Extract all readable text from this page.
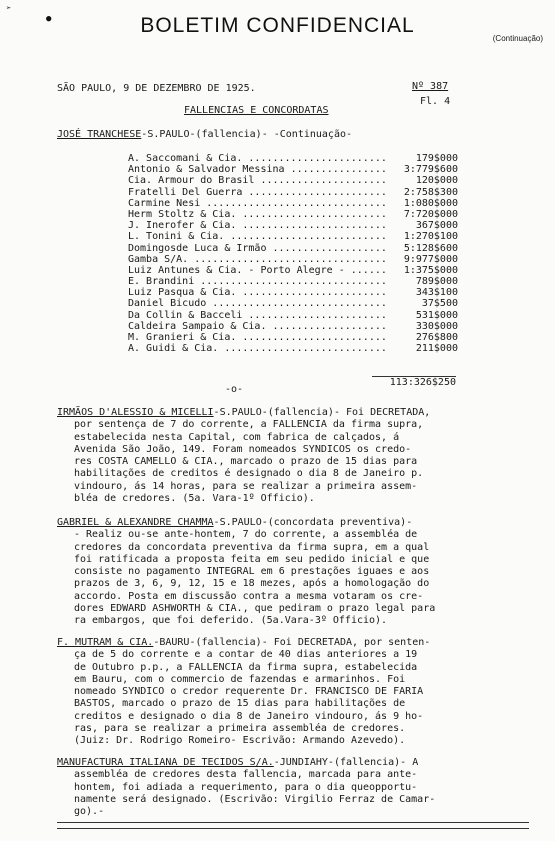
➣
●	BOLETIM CONFIDENCIAL
(Continuação)
SÃO PAULO, 9 DE DEZEMBRO DE 1925.	Nº 387
Fl. 4
FALLENCIAS E CONCORDATAS
JOSÉ TRANCHESE-S.PAULO-(fallencia)- -Continuação-
A. Saccomani & Cia. .....	179$000
Antonio & Salvador Messina .....	3:779$600
Cia. Armour do Brasil .....	120$000
Fratelli Del Guerra .....	2:758$300
Carmine Nesi .....	1:080$000
Herm Stoltz & Cia. .....	7:720$000
J. Inerofer & Cia. .....	367$000
L. Tonini & Cia. .....	1:270$100
Domingosde Luca & Irmão .....	5:128$600
Gamba S/A. .....	9:977$000
Luiz Antunes & Cia. - Porto Alegre - .....	1:375$000
E. Brandini .....	789$000
Luiz Pasqua & Cia. .....	343$100
Daniel Bicudo .....	37$500
Da Collin & Bacceli .....	531$000
Caldeira Sampaio & Cia. .....	330$000
M. Granieri & Cia. .....	276$800
A. Guidi & Cia. .....	211$000
113:326$250
-o-
IRMÃOS D'ALESSIO & MICELLI-S.PAULO-(fallencia)- Foi DECRETADA,
por sentença de 7 do corrente, a FALLENCIA da firma supra,
estabelecida nesta Capital, com fabrica de calçados, á
Avenida São João, 149. Foram nomeados SYNDICOS os credo-
res COSTA CAMELLO & CIA., marcado o prazo de 15 dias para
habilitações de creditos é designado o dia 8 de Janeiro p.
vindouro, ás 14 horas, para se realizar a primeira assem-
bléa de credores. (5a. Vara-1º Officio).
GABRIEL & ALEXANDRE CHAMMA-S.PAULO-(concordata preventiva)-
- Realiz ou-se ante-hontem, 7 do corrente, a assembléa de
credores da concordata preventiva da firma supra, em a qual
foi ratificada a proposta feita em seu pedido inicial e que
consiste no pagamento INTEGRAL em 6 prestações iguaes e aos
prazos de 3, 6, 9, 12, 15 e 18 mezes, após a homologação do
accordo. Posta em discussão contra a mesma votaram os cre-
dores EDWARD ASHWORTH & CIA., que pediram o prazo legal para
ra embargos, que foi deferido. (5a.Vara-3º Officio).
F. MUTRAM & CIA.-BAURU-(fallencia)- Foi DECRETADA, por senten-
ça de 5 do corrente e a contar de 40 dias anteriores a 19
de Outubro p.p., a FALLENCIA da firma supra, estabelecida
em Bauru, com o commercio de fazendas e armarinhos. Foi
nomeado SYNDICO o credor requerente Dr. FRANCISCO DE FARIA
BASTOS, marcado o prazo de 15 dias para habilitações de
creditos e designado o dia 8 de Janeiro vindouro, ás 9 ho-
ras, para se realizar a primeira assembléa de credores.
(Juiz: Dr. Rodrigo Romeiro- Escrivão: Armando Azevedo).
MANUFACTURA ITALIANA DE TECIDOS S/A.-JUNDIAHY-(fallencia)- A
assembléa de credores desta fallencia, marcada para ante-
hontem, foi adiada a requerimento, para o dia queopportu-
namente será designado. (Escrivão: Virgilio Ferraz de Camar-
go).-
